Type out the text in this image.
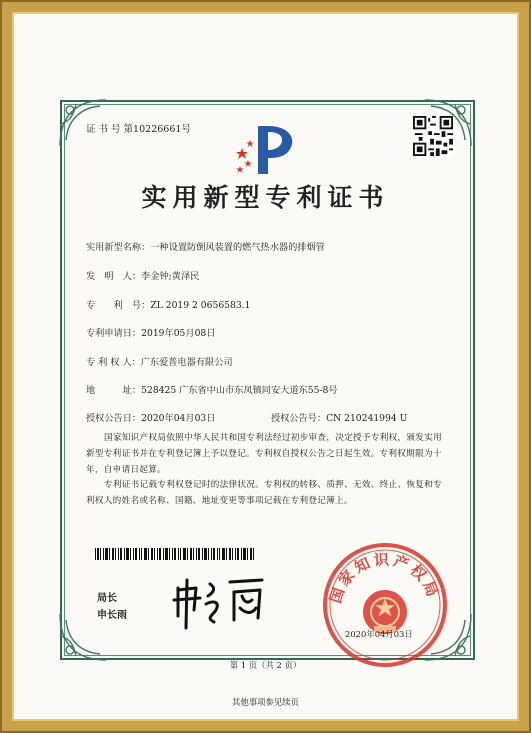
证 书 号 第10226661号
实用新型专利证书
实用新型名称：一种设置防倒风装置的燃气热水器的排烟管
发　明　人：李金钟;黄泽民
专　　利　号：ZL 2019 2 0656583.1
专利申请日：2019年05月08日
专 利 权 人：广东爱普电器有限公司
地　　　址：528425 广东省中山市东凤镇同安大道东55-8号
授权公告日：2020年04月03日	授权公告号：CN 210241994 U
国家知识产权局依照中华人民共和国专利法经过初步审查，决定授予专利权，颁发实用新型专利证书并在专利登记簿上予以登记。专利权自授权公告之日起生效。专利权期限为十年，自申请日起算。
专利证书记载专利权登记时的法律状况。专利权的转移、质押、无效、终止、恢复和专利权人的姓名或名称、国籍、地址变更等事项记载在专利登记簿上。
局长
申长雨
国家知识产权局
2020年04月03日
第 1 页（共 2 页）
其他事项参见续页
